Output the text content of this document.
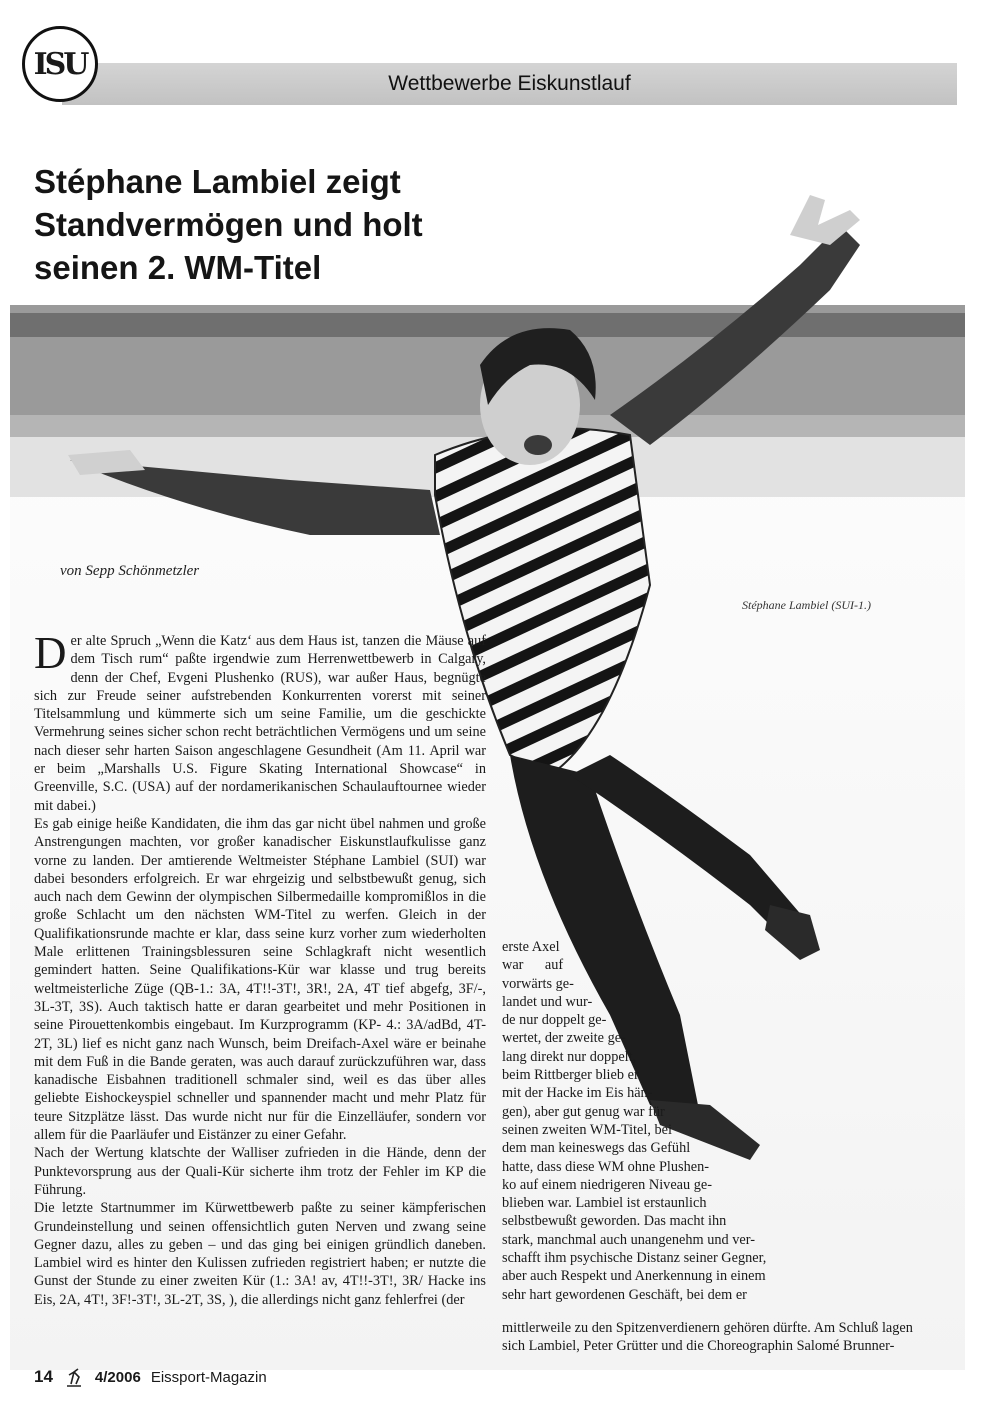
ISU
Wettbewerbe Eiskunstlauf
Stéphane Lambiel zeigt Standvermögen und holt seinen 2. WM-Titel
von Sepp Schönmetzler
Stéphane Lambiel (SUI-1.)

Der alte Spruch „Wenn die Katz‘ aus dem Haus ist, tanzen die Mäuse auf dem Tisch rum“ paßte irgendwie zum Herrenwettbewerb in Calgary, denn der Chef, Evgeni Plushenko (RUS), war außer Haus, begnügte sich zur Freude seiner aufstrebenden Konkurrenten vorerst mit seiner Titelsammlung und kümmerte sich um seine Familie, um die geschickte Vermehrung seines sicher schon recht beträchtlichen Vermögens und um seine nach dieser sehr harten Saison angeschlagene Gesundheit (Am 11. April war er beim „Marshalls U.S. Figure Skating International Showcase“ in Greenville, S.C. (USA) auf der nordamerikanischen Schaulauftournee wieder mit dabei.)

Es gab einige heiße Kandidaten, die ihm das gar nicht übel nahmen und große Anstrengungen machten, vor großer kanadischer Eiskunstlaufkulisse ganz vorne zu landen. Der amtierende Weltmeister Stéphane Lambiel (SUI) war dabei besonders erfolgreich. Er war ehrgeizig und selbstbewußt genug, sich auch nach dem Gewinn der olympischen Silbermedaille kompromißlos in die große Schlacht um den nächsten WM-Titel zu werfen. Gleich in der Qualifikationsrunde machte er klar, dass seine kurz vorher zum wiederholten Male erlittenen Trainingsblessuren seine Schlagkraft nicht wesentlich gemindert hatten. Seine Qualifikations-Kür war klasse und trug bereits weltmeisterliche Züge (QB-1.: 3A, 4T!!-3T!, 3R!, 2A, 4T tief abgefg, 3F/-, 3L-3T, 3S). Auch taktisch hatte er daran gearbeitet und mehr Positionen in seine Pirouettenkombis eingebaut. Im Kurzprogramm (KP- 4.: 3A/adBd, 4T-2T, 3L) lief es nicht ganz nach Wunsch, beim Dreifach-Axel wäre er beinahe mit dem Fuß in die Bande geraten, was auch darauf zurückzuführen war, dass kanadische Eisbahnen traditionell schmaler sind, weil es das über alles geliebte Eishockeyspiel schneller und spannender macht und mehr Platz für teure Sitzplätze lässt. Das wurde nicht nur für die Einzelläufer, sondern vor allem für die Paarläufer und Eistänzer zu einer Gefahr.

Nach der Wertung klatschte der Walliser zufrieden in die Hände, denn der Punktevorsprung aus der Quali-Kür sicherte ihm trotz der Fehler im KP die Führung.

Die letzte Startnummer im Kürwettbewerb paßte zu seiner kämpferischen Grundeinstellung und seinen offensichtlich guten Nerven und zwang seine Gegner dazu, alles zu geben – und das ging bei einigen gründlich daneben. Lambiel wird es hinter den Kulissen zufrieden registriert haben; er nutzte die Gunst der Stunde zu einer zweiten Kür (1.: 3A! av, 4T!!-3T!, 3R/ Hacke ins Eis, 2A, 4T!, 3F!-3T!, 3L-2T, 3S, ), die allerdings nicht ganz fehlerfrei (der

erste Axel
war      auf
vorwärts ge-
landet und wur-
de nur doppelt ge-
wertet, der zweite ge-
lang direkt nur doppelt,
beim Rittberger blieb er
mit der Hacke im Eis hän-
gen), aber gut genug war für
seinen zweiten WM-Titel, bei
dem man keineswegs das Gefühl
hatte, dass diese WM ohne Plushen-
ko auf einem niedrigeren Niveau ge-
blieben war. Lambiel ist erstaunlich
selbstbewußt geworden. Das macht ihn
stark, manchmal auch unangenehm und ver-
schafft ihm psychische Distanz seiner Gegner,
aber auch Respekt und Anerkennung in einem
sehr hart gewordenen Geschäft, bei dem er
mittlerweile zu den Spitzenverdienern gehören dürfte. Am Schluß lagen
sich Lambiel, Peter Grütter und die Choreographin Salomé Brunner-
14	4/2006 Eissport-Magazin
